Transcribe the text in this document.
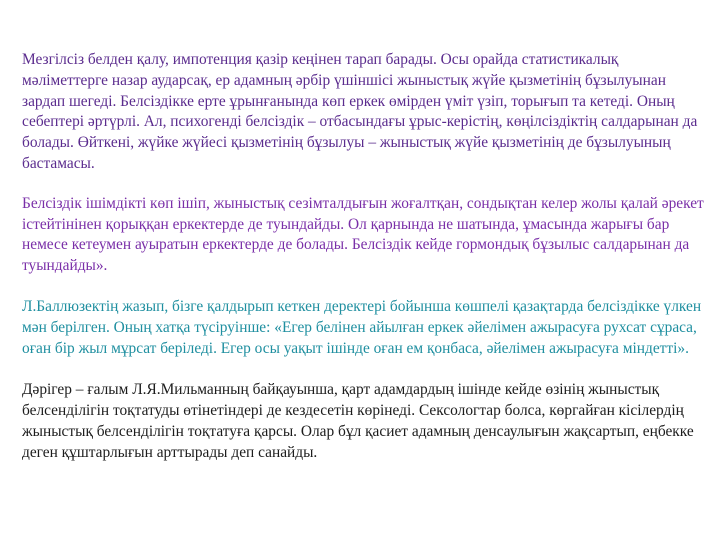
Мезгілсіз белден қалу, импотенция қазір кеңінен тарап барады. Осы орайда статистикалық мәліметтерге назар аударсақ, ер адамның әрбір үшіншісі жыныстық жүйе қызметінің бұзылуынан зардап шегеді. Белсіздікке ерте ұрынғанында көп еркек өмірден үміт үзіп, торығып та кетеді. Оның себептері әртүрлі. Ал, психогенді белсіздік – отбасындағы ұрыс-керістің, көңілсіздіктің салдарынан да болады. Өйткені, жүйке жүйесі қызметінің бұзылуы – жыныстық жүйе қызметінің де бұзылуының бастамасы.

Белсіздік ішімдікті көп ішіп, жыныстық сезімталдығын жоғалтқан, сондықтан келер жолы қалай әрекет істейтінінен қорыққан еркектерде де туындайды. Ол қарнында не шатында, ұмасында жарығы бар немесе кетеумен ауыратын еркектерде де болады. Белсіздік кейде гормондық бұзылыс салдарынан да туындайды».

Л.Баллюзектің жазып, бізге қалдырып кеткен деректері бойынша көшпелі қазақтарда белсіздікке үлкен мән берілген. Оның хатқа түсіруінше: «Егер белінен айылған еркек әйелімен ажырасуға рухсат сұраса, оған бір жыл мұрсат беріледі. Егер осы уақыт ішінде оған ем қонбаса, әйелімен ажырасуға міндетті».

Дәрігер – ғалым Л.Я.Мильманның байқауынша, қарт адамдардың ішінде кейде өзінің жыныстық белсенділігін тоқтатуды өтінетіндері де кездесетін көрінеді. Сексологтар болса, көргайған кісілердің жыныстық белсенділігін тоқтатуға қарсы. Олар бұл қасиет адамның денсаулығын жақсартып, еңбекке деген құштарлығын арттырады деп санайды.
